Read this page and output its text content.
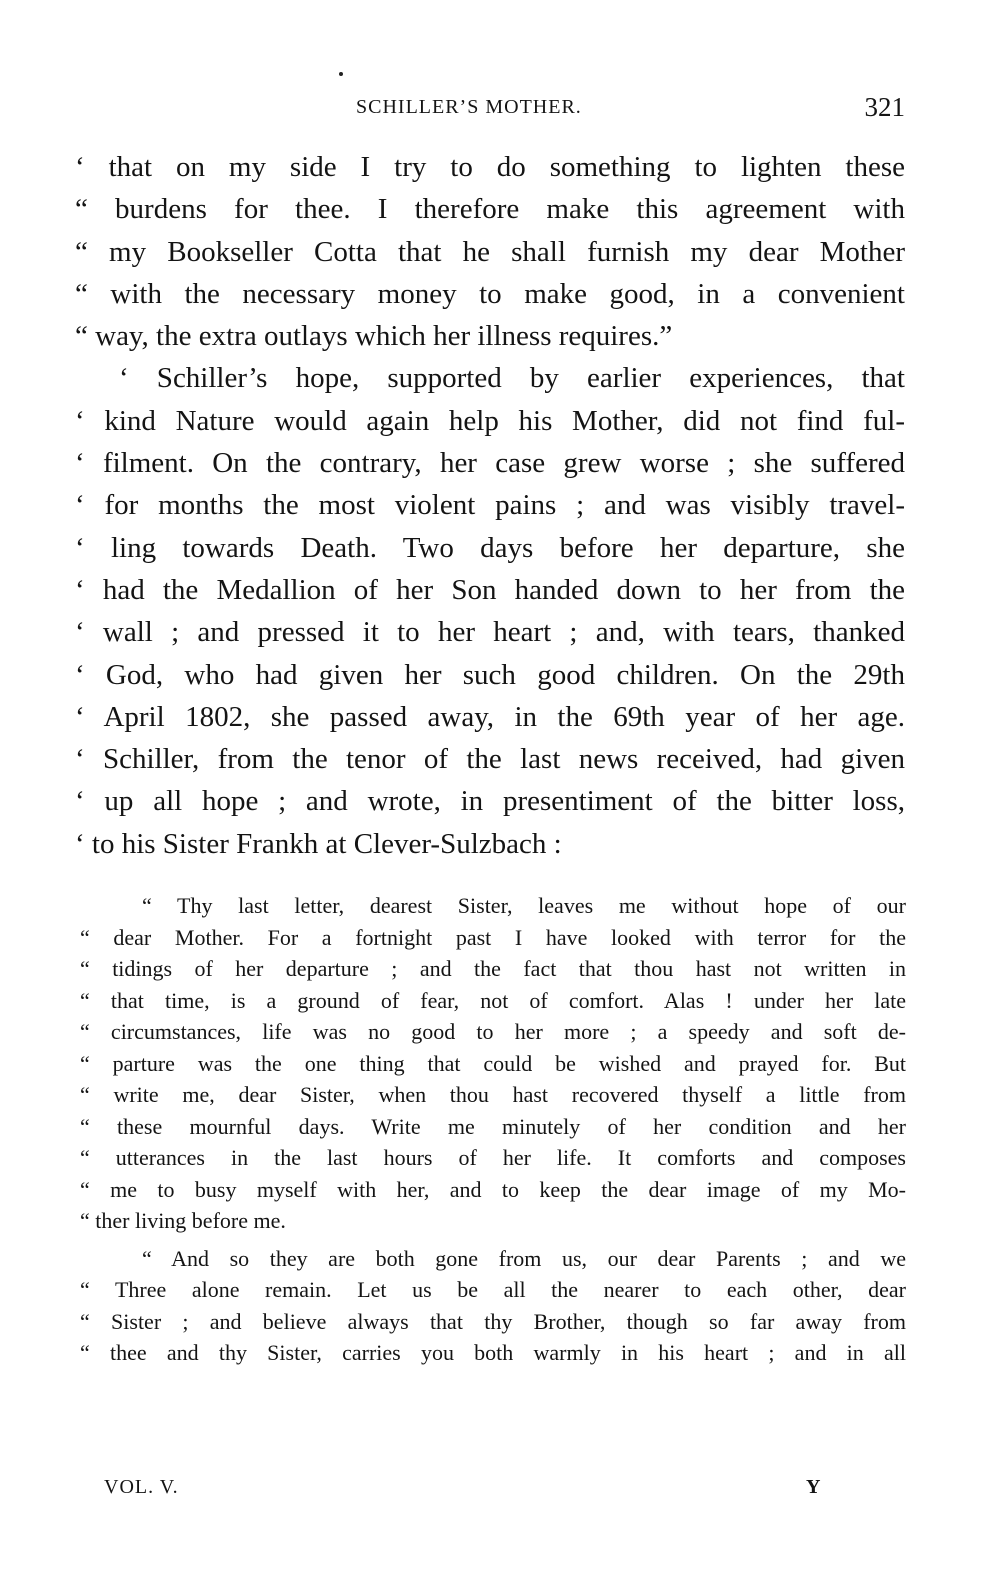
SCHILLER’S MOTHER.	321
‘ that on my side I try to do something to lighten these
“ burdens for thee. I therefore make this agreement with
“ my Bookseller Cotta that he shall furnish my dear Mother
“ with the necessary money to make good, in a convenient
“ way, the extra outlays which her illness requires.”
‘ Schiller’s hope, supported by earlier experiences, that
‘ kind Nature would again help his Mother, did not find ful-
‘ filment. On the contrary, her case grew worse ; she suffered
‘ for months the most violent pains ; and was visibly travel-
‘ ling towards Death. Two days before her departure, she
‘ had the Medallion of her Son handed down to her from the
‘ wall ; and pressed it to her heart ; and, with tears, thanked
‘ God, who had given her such good children. On the 29th
‘ April 1802, she passed away, in the 69th year of her age.
‘ Schiller, from the tenor of the last news received, had given
‘ up all hope ; and wrote, in presentiment of the bitter loss,
‘ to his Sister Frankh at Clever-Sulzbach :
“ Thy last letter, dearest Sister, leaves me without hope of our
“ dear Mother. For a fortnight past I have looked with terror for the
“ tidings of her departure ; and the fact that thou hast not written in
“ that time, is a ground of fear, not of comfort. Alas ! under her late
“ circumstances, life was no good to her more ; a speedy and soft de-
“ parture was the one thing that could be wished and prayed for. But
“ write me, dear Sister, when thou hast recovered thyself a little from
“ these mournful days. Write me minutely of her condition and her
“ utterances in the last hours of her life. It comforts and composes
“ me to busy myself with her, and to keep the dear image of my Mo-
“ ther living before me.
“ And so they are both gone from us, our dear Parents ; and we
“ Three alone remain. Let us be all the nearer to each other, dear
“ Sister ; and believe always that thy Brother, though so far away from
“ thee and thy Sister, carries you both warmly in his heart ; and in all
VOL. V.	Y
